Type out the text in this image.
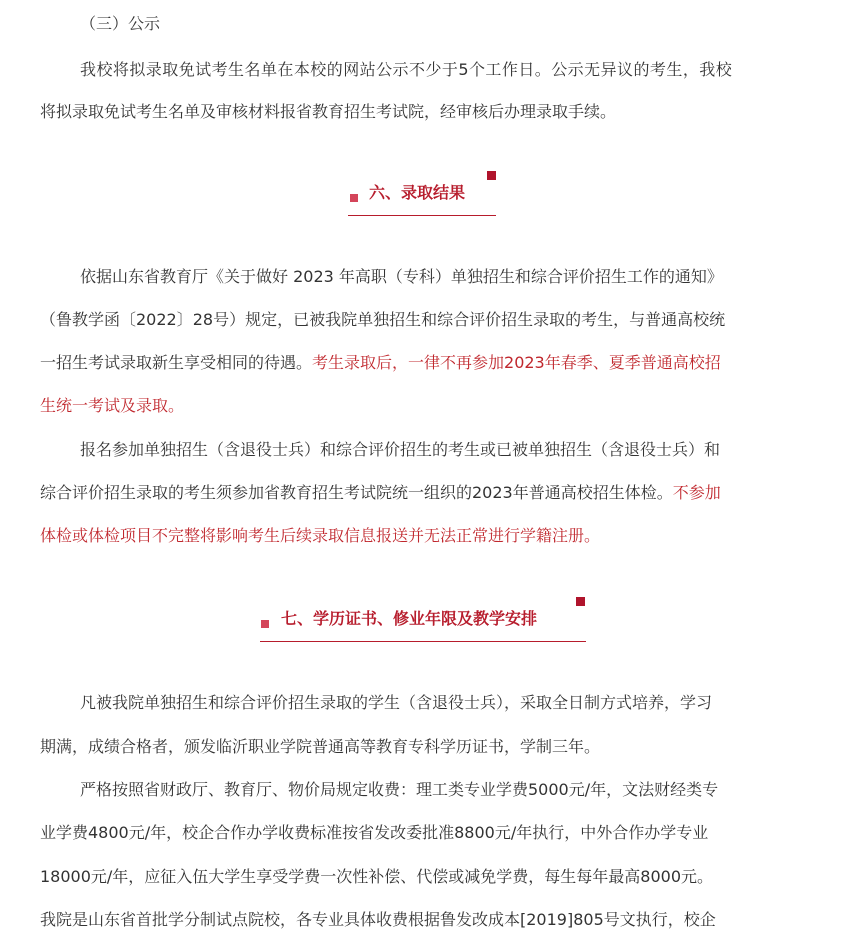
（三）公示
我校将拟录取免试考生名单在本校的网站公示不少于5个工作日。公示无异议的考生，我校
将拟录取免试考生名单及审核材料报省教育招生考试院，经审核后办理录取手续。
六、录取结果
依据山东省教育厅《关于做好 2023 年高职（专科）单独招生和综合评价招生工作的通知》
（鲁教学函〔2022〕28号）规定，已被我院单独招生和综合评价招生录取的考生，与普通高校统
一招生考试录取新生享受相同的待遇。考生录取后，一律不再参加2023年春季、夏季普通高校招
生统一考试及录取。
报名参加单独招生（含退役士兵）和综合评价招生的考生或已被单独招生（含退役士兵）和
综合评价招生录取的考生须参加省教育招生考试院统一组织的2023年普通高校招生体检。不参加
体检或体检项目不完整将影响考生后续录取信息报送并无法正常进行学籍注册。
七、学历证书、修业年限及教学安排
凡被我院单独招生和综合评价招生录取的学生（含退役士兵），采取全日制方式培养，学习
期满，成绩合格者，颁发临沂职业学院普通高等教育专科学历证书，学制三年。
严格按照省财政厅、教育厅、物价局规定收费：理工类专业学费5000元/年，文法财经类专
业学费4800元/年，校企合作办学收费标准按省发改委批准8800元/年执行，中外合作办学专业
18000元/年，应征入伍大学生享受学费一次性补偿、代偿或减免学费，每生每年最高8000元。
我院是山东省首批学分制试点院校，各专业具体收费根据鲁发改成本[2019]805号文执行，校企
